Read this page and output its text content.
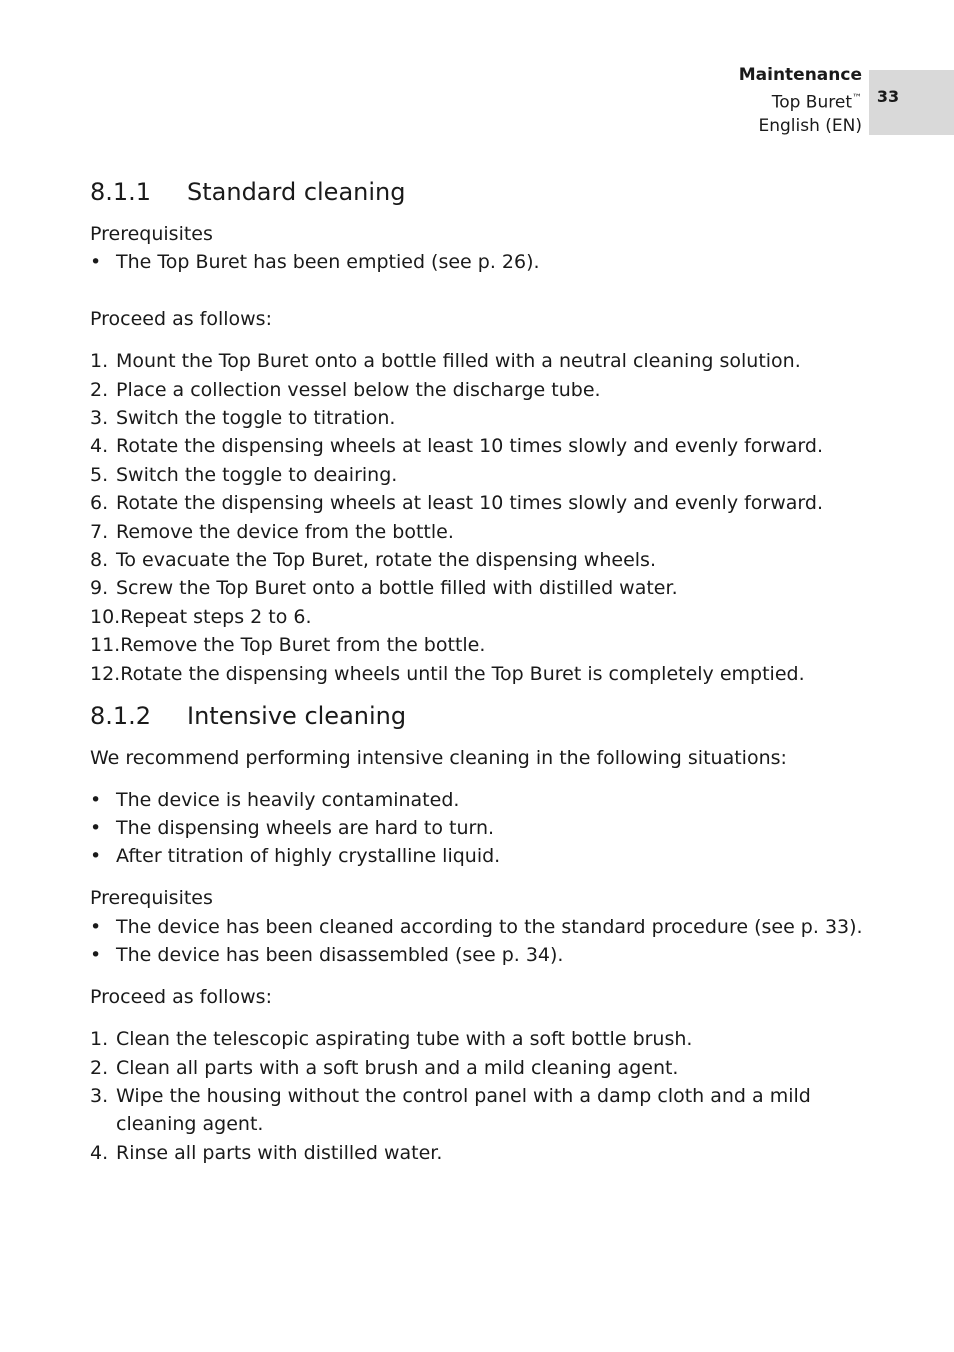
Maintenance
Top Buret™
English (EN)
33
8.1.1 Standard cleaning
Prerequisites
• The Top Buret has been emptied (see p. 26).
Proceed as follows:
1. Mount the Top Buret onto a bottle filled with a neutral cleaning solution.
2. Place a collection vessel below the discharge tube.
3. Switch the toggle to titration.
4. Rotate the dispensing wheels at least 10 times slowly and evenly forward.
5. Switch the toggle to deairing.
6. Rotate the dispensing wheels at least 10 times slowly and evenly forward.
7. Remove the device from the bottle.
8. To evacuate the Top Buret, rotate the dispensing wheels.
9. Screw the Top Buret onto a bottle filled with distilled water.
10.Repeat steps 2 to 6.
11.Remove the Top Buret from the bottle.
12.Rotate the dispensing wheels until the Top Buret is completely emptied.
8.1.2 Intensive cleaning
We recommend performing intensive cleaning in the following situations:
• The device is heavily contaminated.
• The dispensing wheels are hard to turn.
• After titration of highly crystalline liquid.
Prerequisites
• The device has been cleaned according to the standard procedure (see p. 33).
• The device has been disassembled (see p. 34).
Proceed as follows:
1. Clean the telescopic aspirating tube with a soft bottle brush.
2. Clean all parts with a soft brush and a mild cleaning agent.
3. Wipe the housing without the control panel with a damp cloth and a mild
cleaning agent.
4. Rinse all parts with distilled water.
